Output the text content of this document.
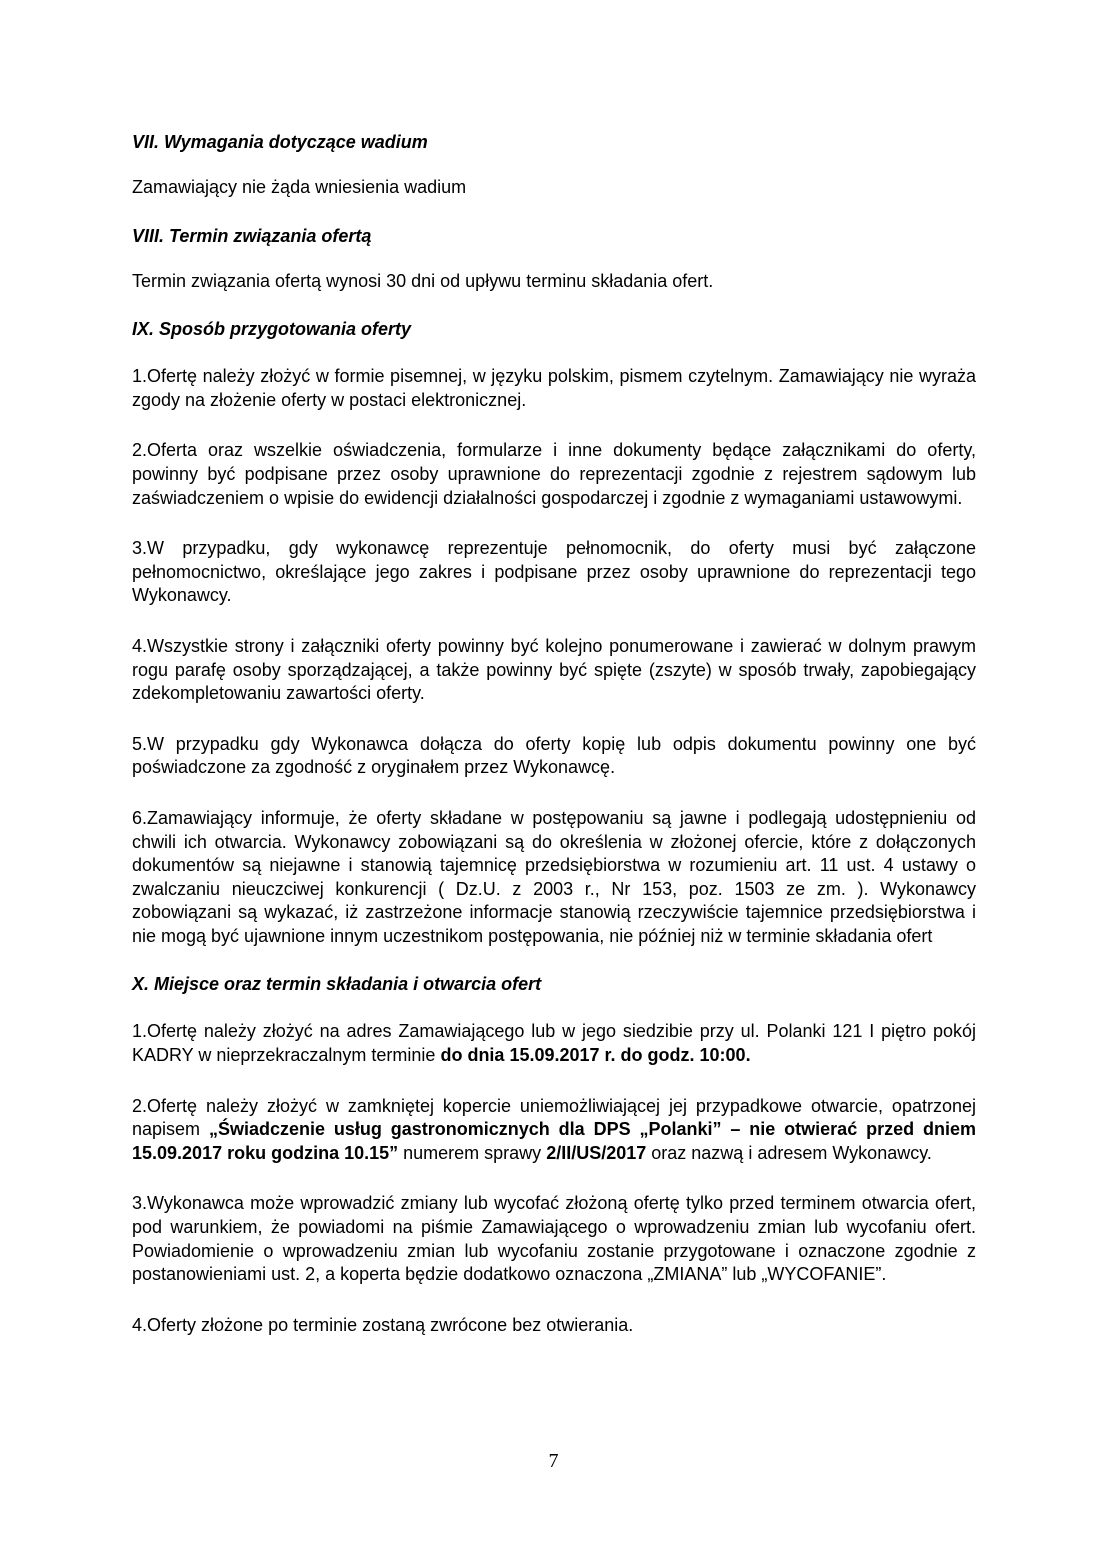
VII. Wymagania dotyczące wadium

Zamawiający nie żąda wniesienia wadium

VIII. Termin związania ofertą

Termin związania ofertą wynosi 30 dni od upływu terminu składania ofert.

IX. Sposób przygotowania oferty

1.Ofertę należy złożyć w formie pisemnej, w języku polskim, pismem czytelnym. Zamawiający nie wyraża zgody na złożenie oferty w postaci elektronicznej.

2.Oferta oraz wszelkie oświadczenia, formularze i inne dokumenty będące załącznikami do oferty, powinny być podpisane przez osoby uprawnione do reprezentacji zgodnie z rejestrem sądowym lub zaświadczeniem o wpisie do ewidencji działalności gospodarczej i zgodnie z wymaganiami ustawowymi.

3.W przypadku, gdy wykonawcę reprezentuje pełnomocnik, do oferty musi być załączone pełnomocnictwo, określające jego zakres i podpisane przez osoby uprawnione do reprezentacji tego Wykonawcy.

4.Wszystkie strony i załączniki oferty powinny być kolejno ponumerowane i zawierać w dolnym prawym rogu parafę osoby sporządzającej, a także powinny być spięte (zszyte) w sposób trwały, zapobiegający zdekompletowaniu zawartości oferty.

5.W przypadku gdy Wykonawca dołącza do oferty kopię lub odpis dokumentu powinny one być poświadczone za zgodność z oryginałem przez Wykonawcę.

6.Zamawiający informuje, że oferty składane w postępowaniu są jawne i podlegają udostępnieniu od chwili ich otwarcia. Wykonawcy zobowiązani są do określenia w złożonej ofercie, które z dołączonych dokumentów są niejawne i stanowią tajemnicę przedsiębiorstwa w rozumieniu art. 11 ust. 4 ustawy o zwalczaniu nieuczciwej konkurencji ( Dz.U. z 2003 r., Nr 153, poz. 1503 ze zm. ). Wykonawcy zobowiązani są wykazać, iż zastrzeżone informacje stanowią rzeczywiście tajemnice przedsiębiorstwa i nie mogą być ujawnione innym uczestnikom postępowania, nie później niż w terminie składania ofert

X. Miejsce oraz termin składania i otwarcia ofert

1.Ofertę należy złożyć na adres Zamawiającego lub w jego siedzibie przy ul. Polanki 121 I piętro pokój KADRY w nieprzekraczalnym terminie do dnia 15.09.2017 r. do godz. 10:00.

2.Ofertę należy złożyć w zamkniętej kopercie uniemożliwiającej jej przypadkowe otwarcie, opatrzonej napisem „Świadczenie usług gastronomicznych dla DPS „Polanki” – nie otwierać przed dniem 15.09.2017 roku godzina 10.15” numerem sprawy 2/II/US/2017 oraz nazwą i adresem Wykonawcy.

3.Wykonawca może wprowadzić zmiany lub wycofać złożoną ofertę tylko przed terminem otwarcia ofert, pod warunkiem, że powiadomi na piśmie Zamawiającego o wprowadzeniu zmian lub wycofaniu ofert. Powiadomienie o wprowadzeniu zmian lub wycofaniu zostanie przygotowane i oznaczone zgodnie z postanowieniami ust. 2, a koperta będzie dodatkowo oznaczona „ZMIANA” lub „WYCOFANIE”.

4.Oferty złożone po terminie zostaną zwrócone bez otwierania.

7
